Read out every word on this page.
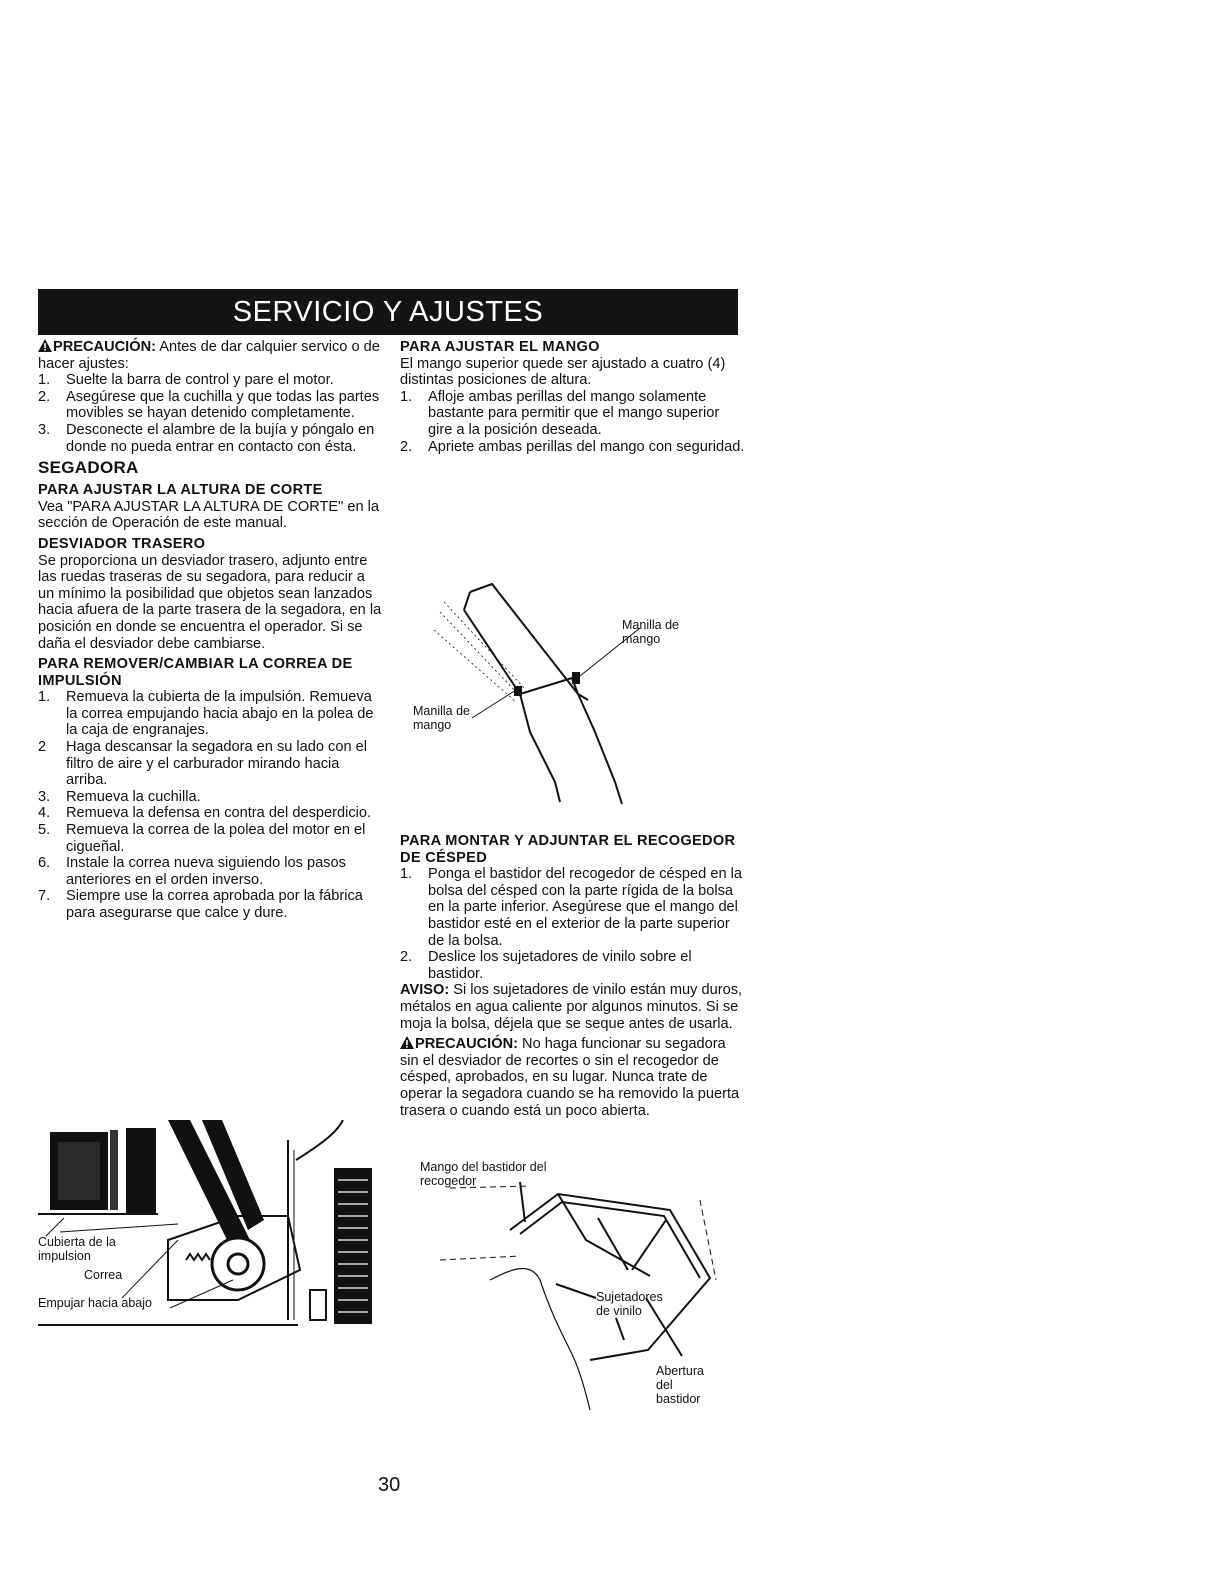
SERVICIO Y AJUSTES

PRECAUCIÓN: Antes de dar calquier servico o de hacer ajustes:

1. Suelte la barra de control y pare el motor.
2. Asegúrese que la cuchilla y que todas las partes movibles se hayan detenido completamente.
3. Desconecte el alambre de la bujía y póngalo en donde no pueda entrar en contacto con ésta.
SEGADORA
PARA AJUSTAR LA ALTURA DE CORTE

Vea "PARA AJUSTAR LA ALTURA DE CORTE" en la sección de Operación de este manual.

DESVIADOR TRASERO

Se proporciona un desviador trasero, adjunto entre las ruedas traseras de su segadora, para reducir a un mínimo la posibilidad que objetos sean lanzados hacia afuera de la parte trasera de la segadora, en la posición en donde se encuentra el operador. Si se daña el desviador debe cambiarse.

PARA REMOVER/CAMBIAR LA CORREA DE IMPULSIÓN
1. Remueva la cubierta de la impulsión. Remueva la correa empujando hacia abajo en la polea de la caja de engranajes.
2 Haga descansar la segadora en su lado con el filtro de aire y el carburador mirando hacia arriba.
3. Remueva la cuchilla.
4. Remueva la defensa en contra del desperdicio.
5. Remueva la correa de la polea del motor en el cigueñal.
6. Instale la correa nueva siguiendo los pasos anteriores en el orden inverso.
7. Siempre use la correa aprobada por la fábrica para asegurarse que calce y dure.
Cubierta de la impulsion
Correa
Empujar hacia abajo
PARA AJUSTAR EL MANGO

El mango superior quede ser ajustado a cuatro (4) distintas posiciones de altura.

1. Afloje ambas perillas del mango solamente bastante para permitir que el mango superior gire a la posición deseada.
2. Apriete ambas perillas del mango con seguridad.
Manilla de mango
Manilla de mango
PARA MONTAR Y ADJUNTAR EL RECOGEDOR DE CÉSPED
1. Ponga el bastidor del recogedor de césped en la bolsa del césped con la parte rígida de la bolsa en la parte inferior. Asegúrese que el mango del bastidor esté en el exterior de la parte superior de la bolsa.
2. Deslice los sujetadores de vinilo sobre el bastidor.

AVISO: Si los sujetadores de vinilo están muy duros, métalos en agua caliente por algunos minutos. Si se moja la bolsa, déjela que se seque antes de usarla.

PRECAUCIÓN: No haga funcionar su segadora sin el desviador de recortes o sin el recogedor de césped, aprobados, en su lugar. Nunca trate de operar la segadora cuando se ha removido la puerta trasera o cuando está un poco abierta.

Mango del bastidor del recogedor
Sujetadores de vinilo
Abertura del bastidor
30
